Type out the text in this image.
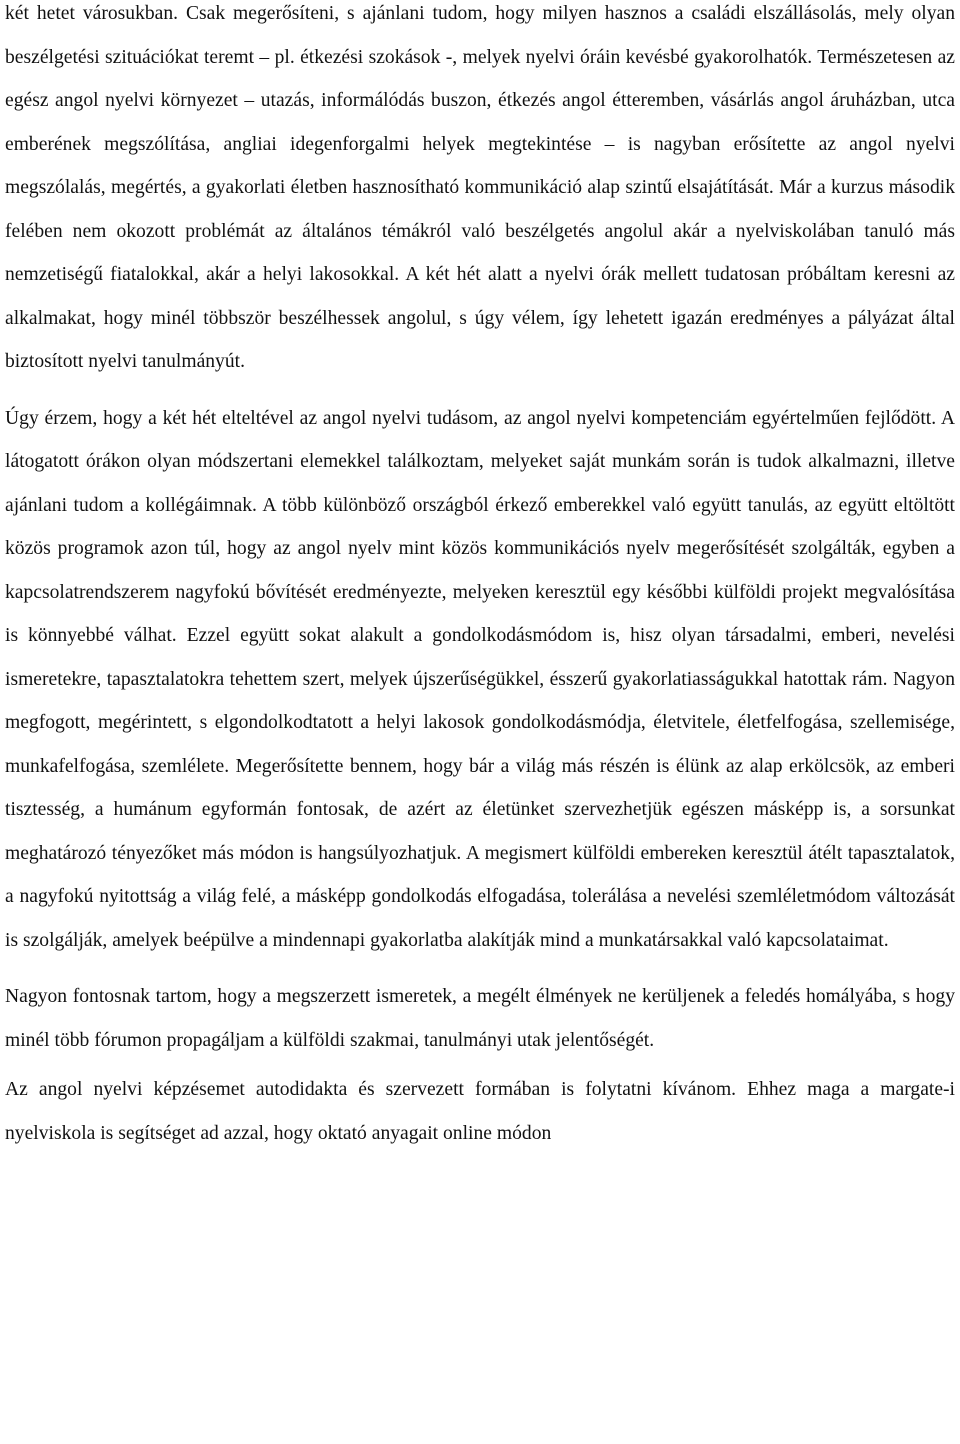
két hetet városukban. Csak megerősíteni, s ajánlani tudom, hogy milyen hasznos a családi elszállásolás, mely olyan beszélgetési szituációkat teremt – pl. étkezési szokások -, melyek nyelvi óráin kevésbé gyakorolhatók. Természetesen az egész angol nyelvi környezet – utazás, informálódás buszon, étkezés angol étteremben, vásárlás angol áruházban, utca emberének megszólítása, angliai idegenforgalmi helyek megtekintése – is nagyban erősítette az angol nyelvi megszólalás, megértés, a gyakorlati életben hasznosítható kommunikáció alap szintű elsajátítását. Már a kurzus második felében nem okozott problémát az általános témákról való beszélgetés angolul akár a nyelviskolában tanuló más nemzetiségű fiatalokkal, akár a helyi lakosokkal. A két hét alatt a nyelvi órák mellett tudatosan próbáltam keresni az alkalmakat, hogy minél többször beszélhessek angolul, s úgy vélem, így lehetett igazán eredményes a pályázat által biztosított nyelvi tanulmányút.

Úgy érzem, hogy a két hét elteltével az angol nyelvi tudásom, az angol nyelvi kompetenciám egyértelműen fejlődött. A látogatott órákon olyan módszertani elemekkel találkoztam, melyeket saját munkám során is tudok alkalmazni, illetve ajánlani tudom a kollégáimnak. A több különböző országból érkező emberekkel való együtt tanulás, az együtt eltöltött közös programok azon túl, hogy az angol nyelv mint közös kommunikációs nyelv megerősítését szolgálták, egyben a kapcsolatrendszerem nagyfokú bővítését eredményezte, melyeken keresztül egy későbbi külföldi projekt megvalósítása is könnyebbé válhat. Ezzel együtt sokat alakult a gondolkodásmódom is, hisz olyan társadalmi, emberi, nevelési ismeretekre, tapasztalatokra tehettem szert, melyek újszerűségükkel, ésszerű gyakorlatiasságukkal hatottak rám. Nagyon megfogott, megérintett, s elgondolkodtatott a helyi lakosok gondolkodásmódja, életvitele, életfelfogása, szellemisége, munkafelfogása, szemlélete. Megerősítette bennem, hogy bár a világ más részén is élünk az alap erkölcsök, az emberi tisztesség, a humánum egyformán fontosak, de azért az életünket szervezhetjük egészen másképp is, a sorsunkat meghatározó tényezőket más módon is hangsúlyozhatjuk. A megismert külföldi embereken keresztül átélt tapasztalatok, a nagyfokú nyitottság a világ felé, a másképp gondolkodás elfogadása, tolerálása a nevelési szemléletmódom változását is szolgálják, amelyek beépülve a mindennapi gyakorlatba alakítják mind a munkatársakkal való kapcsolataimat.

Nagyon fontosnak tartom, hogy a megszerzett ismeretek, a megélt élmények ne kerüljenek a feledés homályába, s hogy minél több fórumon propagáljam a külföldi szakmai, tanulmányi utak jelentőségét.

Az angol nyelvi képzésemet autodidakta és szervezett formában is folytatni kívánom. Ehhez maga a margate-i nyelviskola is segítséget ad azzal, hogy oktató anyagait online módon
